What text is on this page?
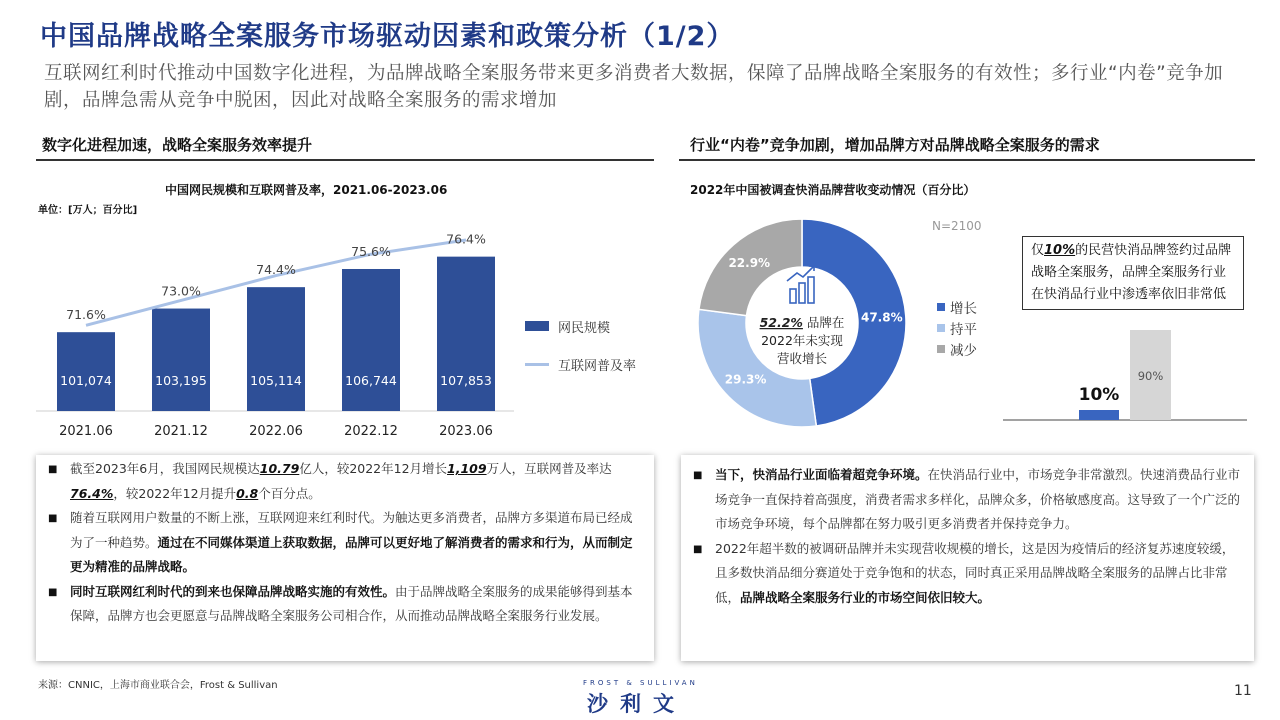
中国品牌战略全案服务市场驱动因素和政策分析（1/2）
互联网红利时代推动中国数字化进程，为品牌战略全案服务带来更多消费者大数据，保障了品牌战略全案服务的有效性；多行业“内卷”竞争加剧，品牌急需从竞争中脱困，因此对战略全案服务的需求增加
数字化进程加速，战略全案服务效率提升
中国网民规模和互联网普及率，2021.06-2023.06
单位：[万人；百分比]
101,074
2021.06
103,195
2021.12
105,114
2022.06
106,744
2022.12
107,853
2023.06
71.6%
73.0%
74.4%
75.6%
76.4%
网民规模
互联网普及率
■	截至2023年6月，我国网民规模达10.79亿人，较2022年12月增长1,109万人，互联网普及率达76.4%，较2022年12月提升0.8个百分点。
■	随着互联网用户数量的不断上涨，互联网迎来红利时代。为触达更多消费者，品牌方多渠道布局已经成为了一种趋势。通过在不同媒体渠道上获取数据，品牌可以更好地了解消费者的需求和行为，从而制定更为精准的品牌战略。
■	同时互联网红利时代的到来也保障品牌战略实施的有效性。由于品牌战略全案服务的成果能够得到基本保障，品牌方也会更愿意与品牌战略全案服务公司相合作，从而推动品牌战略全案服务行业发展。
行业“内卷”竞争加剧，增加品牌方对品牌战略全案服务的需求
2022年中国被调查快消品牌营收变动情况（百分比）
47.8%
29.3%
22.9%
N=2100
52.2% 品牌在
2022年未实现
营收增长
增长
持平
减少
仅10%的民营快消品牌签约过品牌战略全案服务，品牌全案服务行业在快消品行业中渗透率依旧非常低
10%
90%
■	当下，快消品行业面临着超竞争环境。在快消品行业中，市场竞争非常激烈。快速消费品行业市场竞争一直保持着高强度，消费者需求多样化，品牌众多，价格敏感度高。这导致了一个广泛的市场竞争环境，每个品牌都在努力吸引更多消费者并保持竞争力。
■	2022年超半数的被调研品牌并未实现营收规模的增长，这是因为疫情后的经济复苏速度较缓，且多数快消品细分赛道处于竞争饱和的状态，同时真正采用品牌战略全案服务的品牌占比非常低，品牌战略全案服务行业的市场空间依旧较大。
来源：CNNIC，上海市商业联合会，Frost & Sullivan	FROST & SULLIVAN
沙利文
11
